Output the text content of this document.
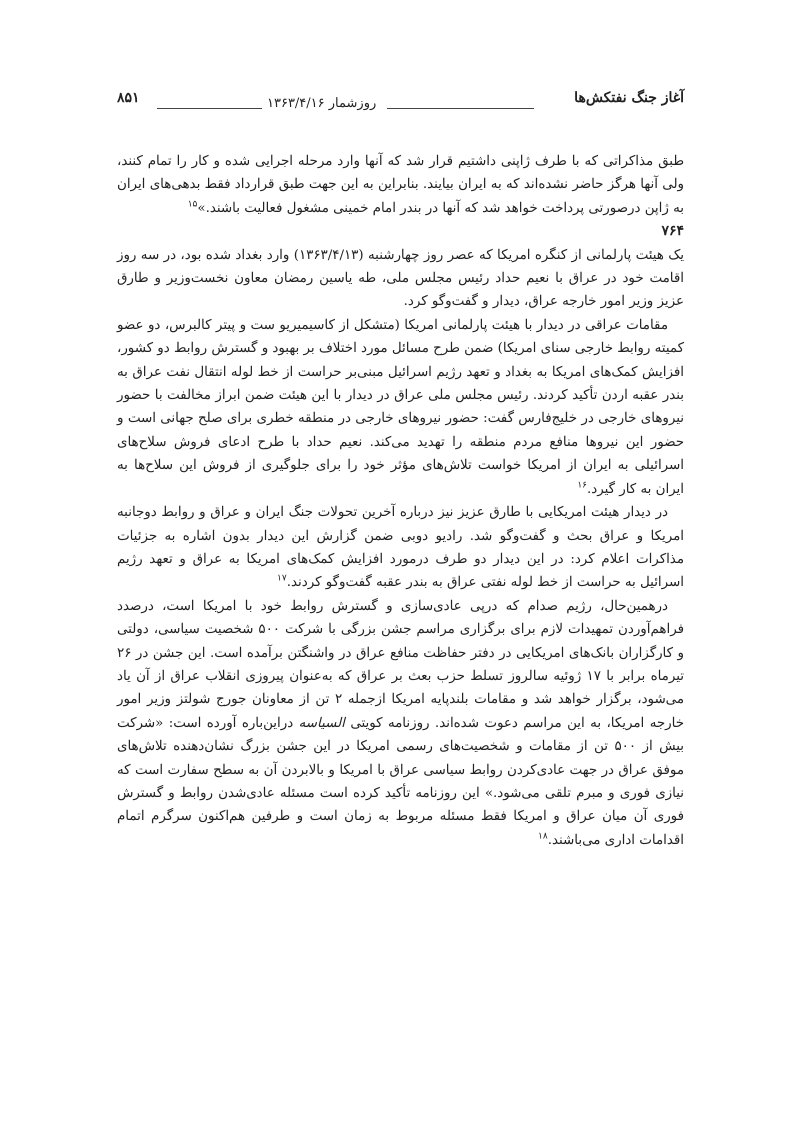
آغاز جنگ نفتکش‌ها
روزشمار ۱۳۶۳/۴/۱۶
۸۵۱

طبق مذاکراتی که با طرف ژاپنی داشتیم قرار شد که آنها وارد مرحله اجرایی شده و کار را تمام کنند، ولی آنها هرگز حاضر نشده‌اند که به ایران بیایند. بنابراین به این جهت طبق قرارداد فقط بدهی‌های ایران به ژاپن درصورتی پرداخت خواهد شد که آنها در بندر امام خمینی مشغول فعالیت باشند.»$^{۱۵}$

۷۶۴

یک هیئت پارلمانی از کنگره امریکا که عصر روز چهارشنبه (۱۳۶۳/۴/۱۳) وارد بغداد شده بود، در سه روز اقامت خود در عراق با نعیم حداد رئیس مجلس ملی، طه یاسین رمضان معاون نخست‌وزیر و طارق عزیز وزیر امور خارجه عراق، دیدار و گفت‌وگو کرد.

مقامات عراقی در دیدار با هیئت پارلمانی امریکا (متشکل از کاسیمیریو ست و پیتر کالبرس، دو عضو کمیته روابط خارجی سنای امریکا) ضمن طرح مسائل مورد اختلاف بر بهبود و گسترش روابط دو کشور، افزایش کمک‌های امریکا به بغداد و تعهد رژیم اسرائیل مبنی‌بر حراست از خط لوله انتقال نفت عراق به بندر عقبه اردن تأکید کردند. رئیس مجلس ملی عراق در دیدار با این هیئت ضمن ابراز مخالفت با حضور نیروهای خارجی در خلیج‌فارس گفت: حضور نیروهای خارجی در منطقه خطری برای صلح جهانی است و حضور این نیروها منافع مردم منطقه را تهدید می‌کند. نعیم حداد با طرح ادعای فروش سلاح‌های اسرائیلی به ایران از امریکا خواست تلاش‌های مؤثر خود را برای جلوگیری از فروش این سلاح‌ها به ایران به کار گیرد.$^{۱۶}$

در دیدار هیئت امریکایی با طارق عزیز نیز درباره آخرین تحولات جنگ ایران و عراق و روابط دوجانبه امریکا و عراق بحث و گفت‌وگو شد. رادیو دوبی ضمن گزارش این دیدار بدون اشاره به جزئیات مذاکرات اعلام کرد: در این دیدار دو طرف درمورد افزایش کمک‌های امریکا به عراق و تعهد رژیم اسرائیل به حراست از خط لوله نفتی عراق به بندر عقبه گفت‌وگو کردند.$^{۱۷}$

درهمین‌حال، رژیم صدام که درپی عادی‌سازی و گسترش روابط خود با امریکا است، درصدد فراهم‌آوردن تمهیدات لازم برای برگزاری مراسم جشن بزرگی با شرکت ۵۰۰ شخصیت سیاسی، دولتی و کارگزاران بانک‌های امریکایی در دفتر حفاظت منافع عراق در واشنگتن برآمده است. این جشن در ۲۶ تیرماه برابر با ۱۷ ژوئیه سالروز تسلط حزب بعث بر عراق که به‌عنوان پیروزی انقلاب عراق از آن یاد می‌شود، برگزار خواهد شد و مقامات بلندپایه امریکا ازجمله ۲ تن از معاونان جورج شولتز وزیر امور خارجه امریکا، به این مراسم دعوت شده‌اند. روزنامه کویتی السیاسه دراین‌باره آورده است: «شرکت بیش از ۵۰۰ تن از مقامات و شخصیت‌های رسمی امریکا در این جشن بزرگ نشان‌دهنده تلاش‌های موفق عراق در جهت عادی‌کردن روابط سیاسی عراق با امریکا و بالابردن آن به سطح سفارت است که نیازی فوری و مبرم تلقی می‌شود.» این روزنامه تأکید کرده است مسئله عادی‌شدن روابط و گسترش فوری آن میان عراق و امریکا فقط مسئله مربوط به زمان است و طرفین هم‌اکنون سرگرم اتمام اقدامات اداری می‌باشند.$^{۱۸}$
